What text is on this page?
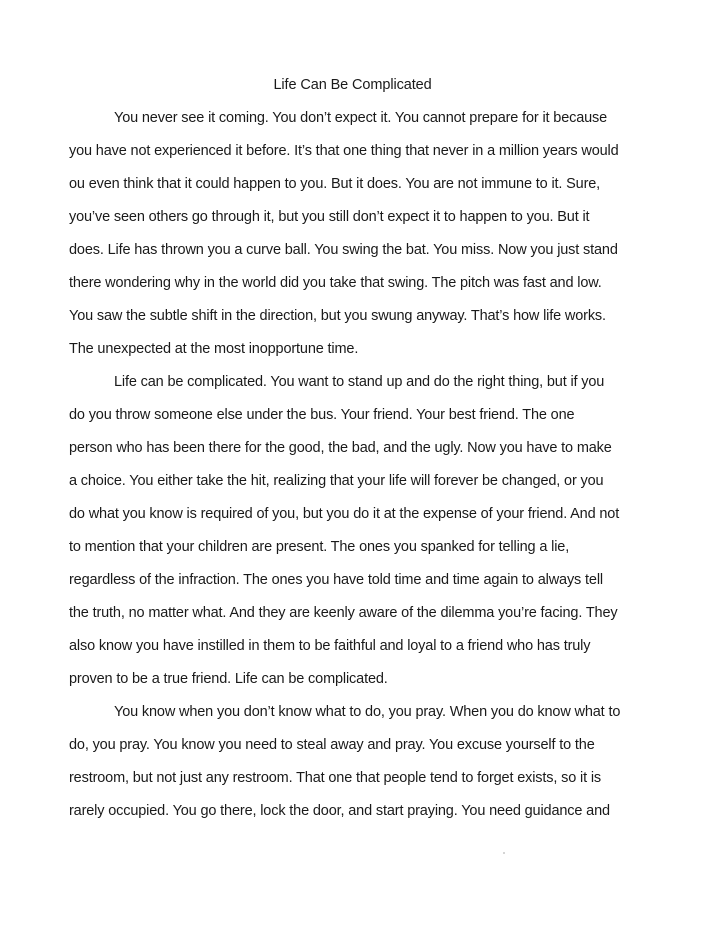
Life Can Be Complicated
You never see it coming. You don’t expect it. You cannot prepare for it because
you have not experienced it before. It’s that one thing that never in a million years would
ou even think that it could happen to you. But it does. You are not immune to it. Sure,
you’ve seen others go through it, but you still don’t expect it to happen to you. But it
does. Life has thrown you a curve ball. You swing the bat. You miss. Now you just stand
there wondering why in the world did you take that swing. The pitch was fast and low.
You saw the subtle shift in the direction, but you swung anyway. That’s how life works.
The unexpected at the most inopportune time.
Life can be complicated. You want to stand up and do the right thing, but if you
do you throw someone else under the bus. Your friend. Your best friend. The one
person who has been there for the good, the bad, and the ugly. Now you have to make
a choice. You either take the hit, realizing that your life will forever be changed, or you
do what you know is required of you, but you do it at the expense of your friend. And not
to mention that your children are present. The ones you spanked for telling a lie,
regardless of the infraction. The ones you have told time and time again to always tell
the truth, no matter what. And they are keenly aware of the dilemma you’re facing. They
also know you have instilled in them to be faithful and loyal to a friend who has truly
proven to be a true friend. Life can be complicated.
You know when you don’t know what to do, you pray. When you do know what to
do, you pray. You know you need to steal away and pray. You excuse yourself to the
restroom, but not just any restroom. That one that people tend to forget exists, so it is
rarely occupied. You go there, lock the door, and start praying. You need guidance and
